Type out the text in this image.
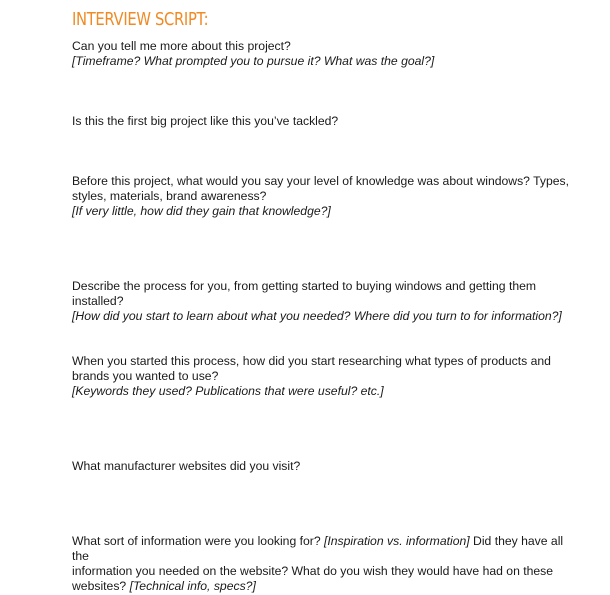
INTERVIEW SCRIPT:

Can you tell me more about this project?

[Timeframe? What prompted you to pursue it? What was the goal?]

Is this the first big project like this you’ve tackled?

Before this project, what would you say your level of knowledge was about windows? Types,

styles, materials, brand awareness?

[If very little, how did they gain that knowledge?]

Describe the process for you, from getting started to buying windows and getting them installed?

[How did you start to learn about what you needed? Where did you turn to for information?]

When you started this process, how did you start researching what types of products and

brands you wanted to use?

[Keywords they used? Publications that were useful? etc.]

What manufacturer websites did you visit?

What sort of information were you looking for? [Inspiration vs. information] Did they have all the

information you needed on the website? What do you wish they would have had on these

websites? [Technical info, specs?]
